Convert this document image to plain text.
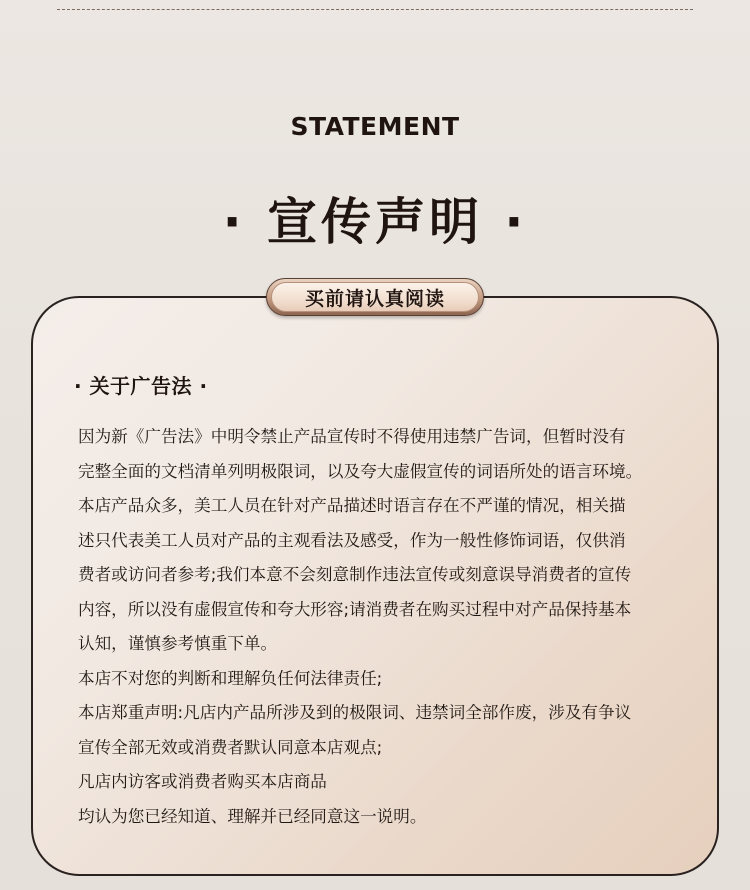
STATEMENT
· 宣传声明 ·
买前请认真阅读
· 关于广告法 ·
因为新《广告法》中明令禁止产品宣传时不得使用违禁广告词，但暂时没有
完整全面的文档清单列明极限词，以及夸大虚假宣传的词语所处的语言环境。
本店产品众多，美工人员在针对产品描述时语言存在不严谨的情况，相关描
述只代表美工人员对产品的主观看法及感受，作为一般性修饰词语，仅供消
费者或访问者参考;我们本意不会刻意制作违法宣传或刻意误导消费者的宣传
内容，所以没有虚假宣传和夸大形容;请消费者在购买过程中对产品保持基本
认知，谨慎参考慎重下单。
本店不对您的判断和理解负任何法律责任;
本店郑重声明:凡店内产品所涉及到的极限词、违禁词全部作废，涉及有争议
宣传全部无效或消费者默认同意本店观点;
凡店内访客或消费者购买本店商品
均认为您已经知道、理解并已经同意这一说明。
